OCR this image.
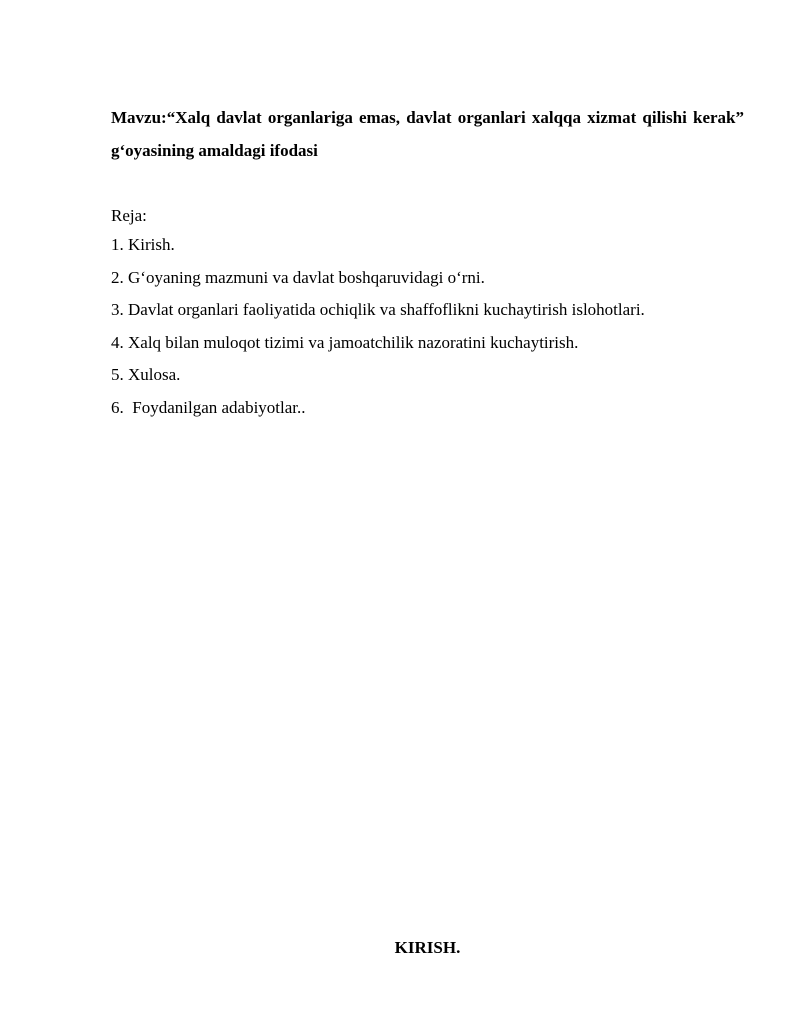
Mavzu:“Xalq davlat organlariga emas, davlat organlari xalqqa xizmat qilishi kerak” g‘oyasining amaldagi ifodasi

Reja:

1. Kirish.
2. G‘oyaning mazmuni va davlat boshqaruvidagi o‘rni.
3. Davlat organlari faoliyatida ochiqlik va shaffoflikni kuchaytirish islohotlari.
4. Xalq bilan muloqot tizimi va jamoatchilik nazoratini kuchaytirish.
5. Xulosa.
6.  Foydanilgan adabiyotlar..

KIRISH.
